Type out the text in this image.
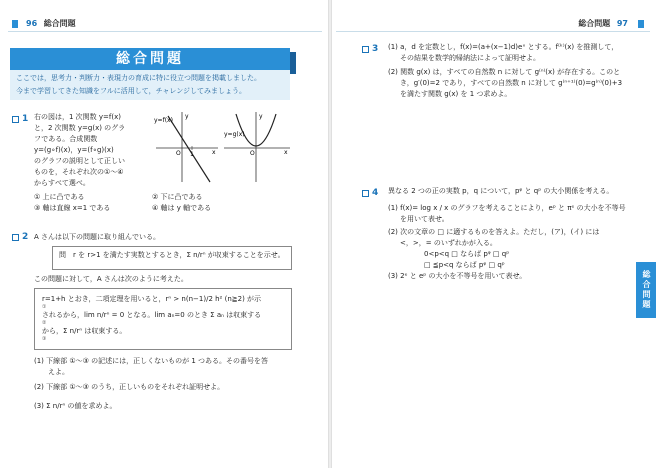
96 総合問題
総合問題
ここでは，思考力・判断力・表現力の育成に特に役立つ問題を掲載しました。
今まで学習してきた知識をフルに活用して，チャレンジしてみましょう。
1 右の図は，1 次関数 y=f(x)
と，2 次関数 y=g(x) のグラ
フである。合成関数
y=(g∘f)(x)，y=(f∘g)(x)
のグラフの説明として正しい
ものを，それぞれ次の①～④
からすべて選べ。
① 上に凸である	② 下に凸である
③ 軸は直線 x=1 である	④ 軸は y 軸である
y
x
O 1
y=f(x)
y
x
O
y=g(x)
2 A さんは以下の問題に取り組んでいる。
問　r を r>1 を満たす実数とするとき，Σ n/rⁿ が収束することを示せ。
この問題に対して，A さんは次のように考えた。
r=1+h とおき，二項定理を用いると，rⁿ > n(n−1)/2 h² (n≧2) が示
①
されるから，lim n/rⁿ = 0 となる。lim aₙ=0 のとき Σ aₙ は収束する
②
から，Σ n/rⁿ は収束する。
③
(1) 下線部 ①～③ の記述には，正しくないものが 1 つある。その番号を答
えよ。
(2) 下線部 ①～③ のうち，正しいものをそれぞれ証明せよ。
(3) Σ n/rⁿ の値を求めよ。
総合問題 97
3 (1) a，d を定数とし，f(x)=(a+(x−1)d)eˣ とする。f⁽ᵏ⁾(x) を推測して，
その結果を数学的帰納法によって証明せよ。
(2) 関数 g(x) は，すべての自然数 n に対して g⁽ⁿ⁾(x) が存在する。このと
き，g′(0)=2 であり，すべての自然数 n に対して g⁽ⁿ⁺¹⁾(0)=g⁽ⁿ⁾(0)+3
を満たす関数 g(x) を 1 つ求めよ。
4 異なる 2 つの正の実数 p，q について，pᵠ と qᵖ の大小関係を考える。
(1) f(x)= log x / x のグラフを考えることにより，eᵖ と πᵉ の大小を不等号
を用いて表せ。
(2) 次の文章の □ に適するものを答えよ。ただし，(ア)，(イ) には
<，>，= のいずれかが入る。
0<p<q □ ならば pᵠ □ qᵖ
□ ≦p<q ならば pᵠ □ qᵖ
(3) 2ᵉ と eᵖ の大小を不等号を用いて表せ。	総合問題
